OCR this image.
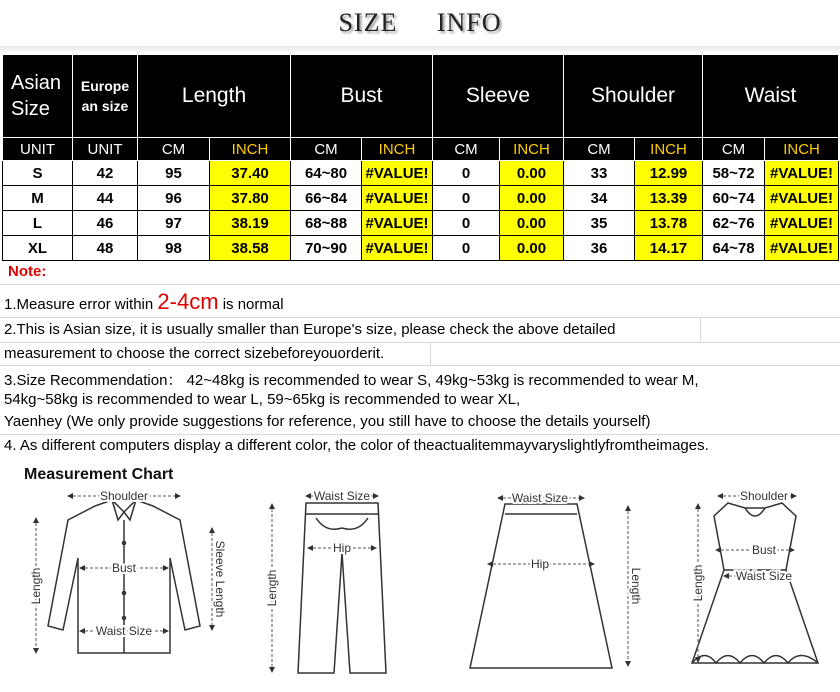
SIZE INFO
Asian Size	Europe an size	Length		Bust		Sleeve		Shoulder		Waist	
UNIT	UNIT	CM	INCH	CM	INCH	CM	INCH	CM	INCH	CM	INCH
S	42	95	37.40	64~80	#VALUE!	0	0.00	33	12.99	58~72	#VALUE!
M	44	96	37.80	66~84	#VALUE!	0	0.00	34	13.39	60~74	#VALUE!
L	46	97	38.19	68~88	#VALUE!	0	0.00	35	13.78	62~76	#VALUE!
XL	48	98	38.58	70~90	#VALUE!	0	0.00	36	14.17	64~78	#VALUE!
Note:
1.Measure error within 2-4cm is normal
2.This is Asian size, it is usually smaller than Europe's size, please check the above detailed
measurement to choose the correct sizebeforeyouorderit.
3.Size Recommendation： 42~48kg is recommended to wear S, 49kg~53kg is recommended to wear M,
54kg~58kg is recommended to wear L, 59~65kg is recommended to wear XL,
Yaenhey (We only provide suggestions for reference, you still have to choose the details yourself)
4. As different computers display a different color, the color of theactualitemmayvaryslightlyfromtheimages.
Measurement Chart
Shoulder
Bust
Waist Size
Length	Sleeve Length
Waist Size
Hip
Length
Waist Size
Hip
Length
Shoulder
Bust
Waist Size
Length
